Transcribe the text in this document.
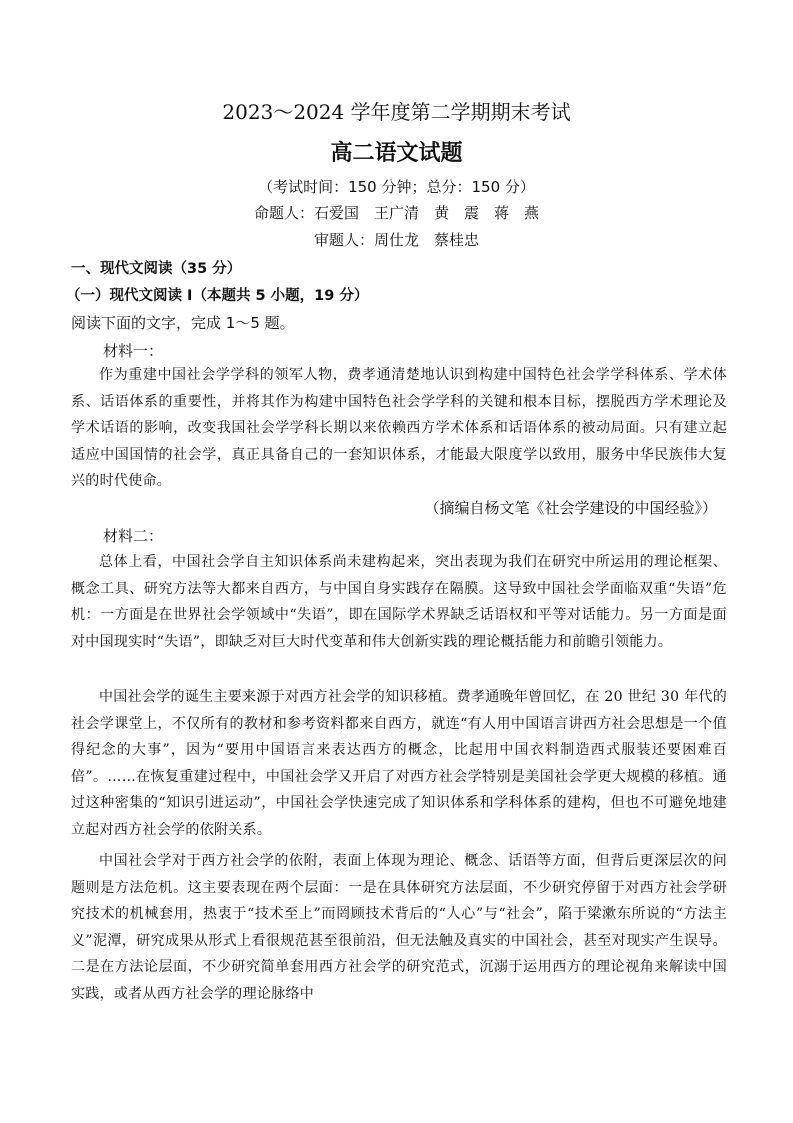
2023～2024 学年度第二学期期末考试
高二语文试题
（考试时间：150 分钟；总分：150 分）
命题人：石爱国　王广清　黄　震　蒋　燕
审题人：周仕龙　蔡桂忠
一、现代文阅读（35 分）
（一）现代文阅读 I（本题共 5 小题，19 分）
阅读下面的文字，完成 1～5 题。
材料一：

作为重建中国社会学学科的领军人物，费孝通清楚地认识到构建中国特色社会学学科体系、学术体系、话语体系的重要性，并将其作为构建中国特色社会学学科的关键和根本目标，摆脱西方学术理论及学术话语的影响，改变我国社会学学科长期以来依赖西方学术体系和话语体系的被动局面。只有建立起适应中国国情的社会学，真正具备自己的一套知识体系，才能最大限度学以致用，服务中华民族伟大复兴的时代使命。

（摘编自杨文笔《社会学建设的中国经验》）
材料二：

总体上看，中国社会学自主知识体系尚未建构起来，突出表现为我们在研究中所运用的理论框架、概念工具、研究方法等大都来自西方，与中国自身实践存在隔膜。这导致中国社会学面临双重“失语”危机：一方面是在世界社会学领域中“失语”，即在国际学术界缺乏话语权和平等对话能力。另一方面是面对中国现实时“失语”，即缺乏对巨大时代变革和伟大创新实践的理论概括能力和前瞻引领能力。

中国社会学的诞生主要来源于对西方社会学的知识移植。费孝通晚年曾回忆，在 20 世纪 30 年代的社会学课堂上，不仅所有的教材和参考资料都来自西方，就连“有人用中国语言讲西方社会思想是一个值得纪念的大事”，因为“要用中国语言来表达西方的概念，比起用中国衣料制造西式服装还要困难百倍”。……在恢复重建过程中，中国社会学又开启了对西方社会学特别是美国社会学更大规模的移植。通过这种密集的“知识引进运动”，中国社会学快速完成了知识体系和学科体系的建构，但也不可避免地建立起对西方社会学的依附关系。

中国社会学对于西方社会学的依附，表面上体现为理论、概念、话语等方面，但背后更深层次的问题则是方法危机。这主要表现在两个层面：一是在具体研究方法层面，不少研究停留于对西方社会学研究技术的机械套用，热衷于“技术至上”而罔顾技术背后的“人心”与“社会”，陷于梁漱东所说的“方法主义”泥潭，研究成果从形式上看很规范甚至很前沿，但无法触及真实的中国社会，甚至对现实产生误导。二是在方法论层面，不少研究简单套用西方社会学的研究范式，沉溺于运用西方的理论视角来解读中国实践，或者从西方社会学的理论脉络中
